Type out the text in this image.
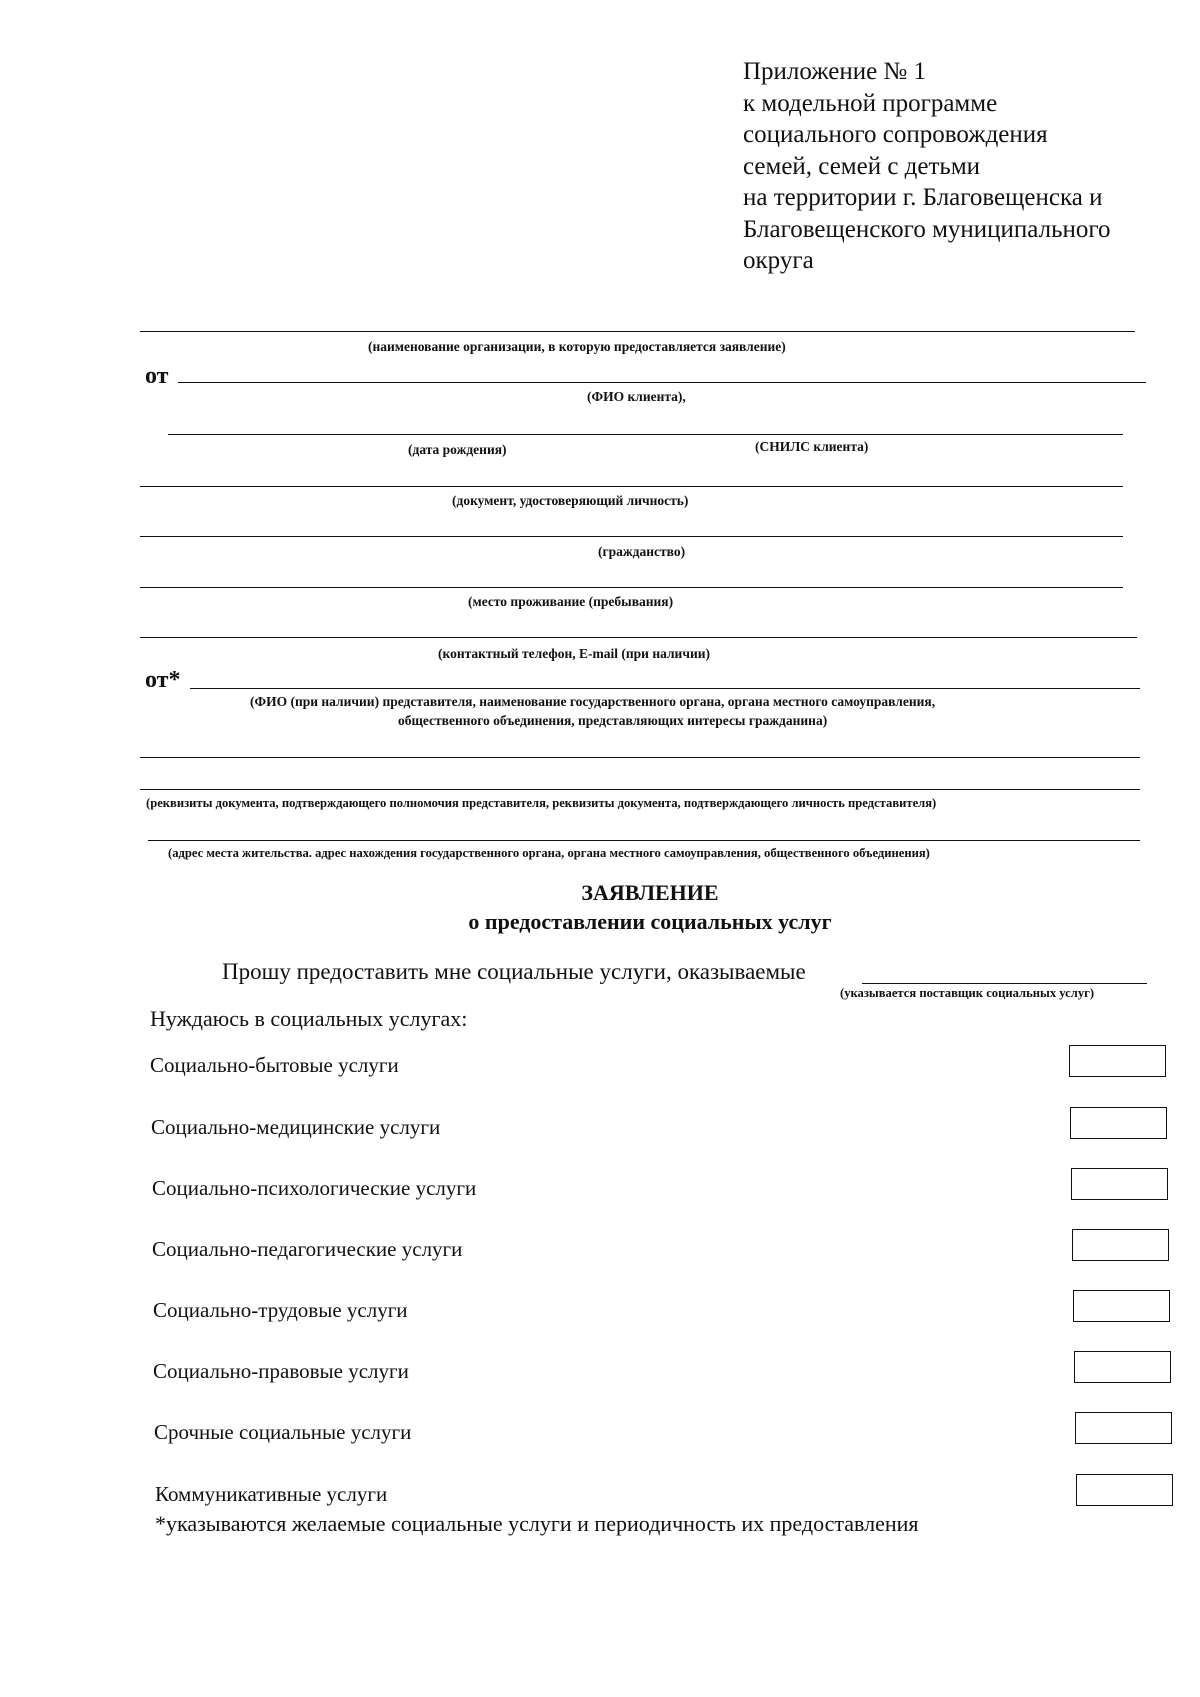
Приложение № 1
к модельной программе
социального сопровождения
семей, семей с детьми
на территории г. Благовещенска и
Благовещенского муниципального
округа
(наименование организации, в которую предоставляется заявление)
от
(ФИО клиента),
(дата рождения)	(СНИЛС клиента)
(документ, удостоверяющий личность)
(гражданство)
(место проживание (пребывания)
(контактный телефон, E-mail (при наличии)
от*
(ФИО (при наличии) представителя, наименование государственного органа, органа местного самоуправления,
общественного объединения, представляющих интересы гражданина)
(реквизиты документа, подтверждающего полномочия представителя, реквизиты документа, подтверждающего личность представителя)
(адрес места жительства. адрес нахождения государственного органа, органа местного самоуправления, общественного объединения)
ЗАЯВЛЕНИЕ
о предоставлении социальных услуг
Прошу предоставить мне социальные услуги, оказываемые
(указывается поставщик социальных услуг)
Нуждаюсь в социальных услугах:
Социально-бытовые услуги
Социально-медицинские услуги
Социально-психологические услуги
Социально-педагогические услуги
Социально-трудовые услуги
Социально-правовые услуги
Срочные социальные услуги
Коммуникативные услуги
*указываются желаемые социальные услуги и периодичность их предоставления
